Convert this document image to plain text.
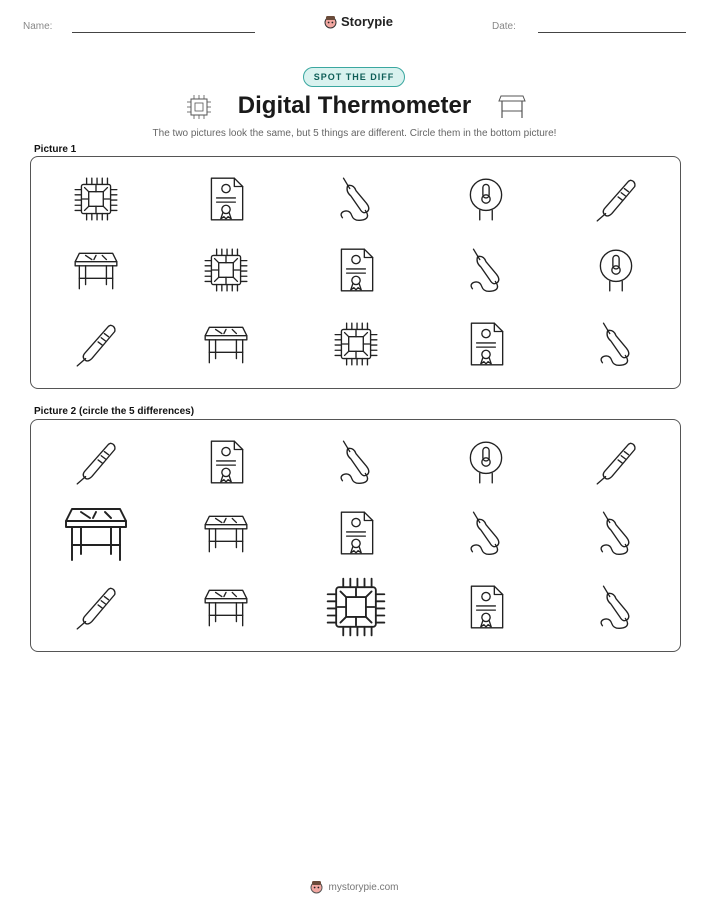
Name:	Storypie	Date:
SPOT THE DIFF
Digital Thermometer
The two pictures look the same, but 5 things are different. Circle them in the bottom picture!
Picture 1
Picture 2 (circle the 5 differences)
mystorypie.com
